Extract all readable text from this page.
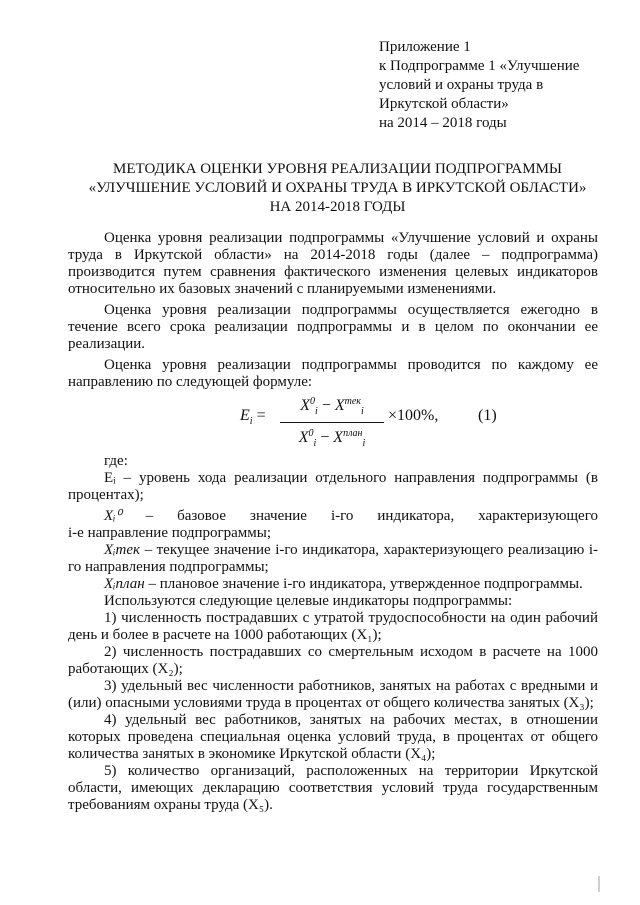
Приложение 1
к Подпрограмме 1 «Улучшение
условий и охраны труда в
Иркутской области»
на 2014 – 2018 годы
МЕТОДИКА ОЦЕНКИ УРОВНЯ РЕАЛИЗАЦИИ ПОДПРОГРАММЫ
«УЛУЧШЕНИЕ УСЛОВИЙ И ОХРАНЫ ТРУДА В ИРКУТСКОЙ ОБЛАСТИ»
НА 2014-2018 ГОДЫ

Оценка уровня реализации подпрограммы «Улучшение условий и охраны труда в Иркутской области» на 2014-2018 годы (далее – подпрограмма) производится путем сравнения фактического изменения целевых индикаторов относительно их базовых значений с планируемыми изменениями.

Оценка уровня реализации подпрограммы осуществляется ежегодно в течение всего срока реализации подпрограммы и в целом по окончании ее реализации.

Оценка уровня реализации подпрограммы проводится по каждому ее направлению по следующей формуле:

$E_i$ =
$X^0_i - X^{тек}_i$
$X^0_i - X^{план}_i$
×100%, (1)

где:

Eᵢ – уровень хода реализации отдельного направления подпрограммы (в процентах);

Xᵢ⁰ – базовое значение i-го индикатора, характеризующего

i-е направление подпрограммы;

Xᵢтек – текущее значение i-го индикатора, характеризующего реализацию i-го направления подпрограммы;

Xᵢплан – плановое значение i-го индикатора, утвержденное подпрограммы.

Используются следующие целевые индикаторы подпрограммы:

1) численность пострадавших с утратой трудоспособности на один рабочий день и более в расчете на 1000 работающих (X₁);

2) численность пострадавших со смертельным исходом в расчете на 1000 работающих (X₂);

3) удельный вес численности работников, занятых на работах с вредными и (или) опасными условиями труда в процентах от общего количества занятых (X₃);

4) удельный вес работников, занятых на рабочих местах, в отношении которых проведена специальная оценка условий труда, в процентах от общего количества занятых в экономике Иркутской области (X₄);

5) количество организаций, расположенных на территории Иркутской области, имеющих декларацию соответствия условий труда государственным требованиям охраны труда (X₅).
